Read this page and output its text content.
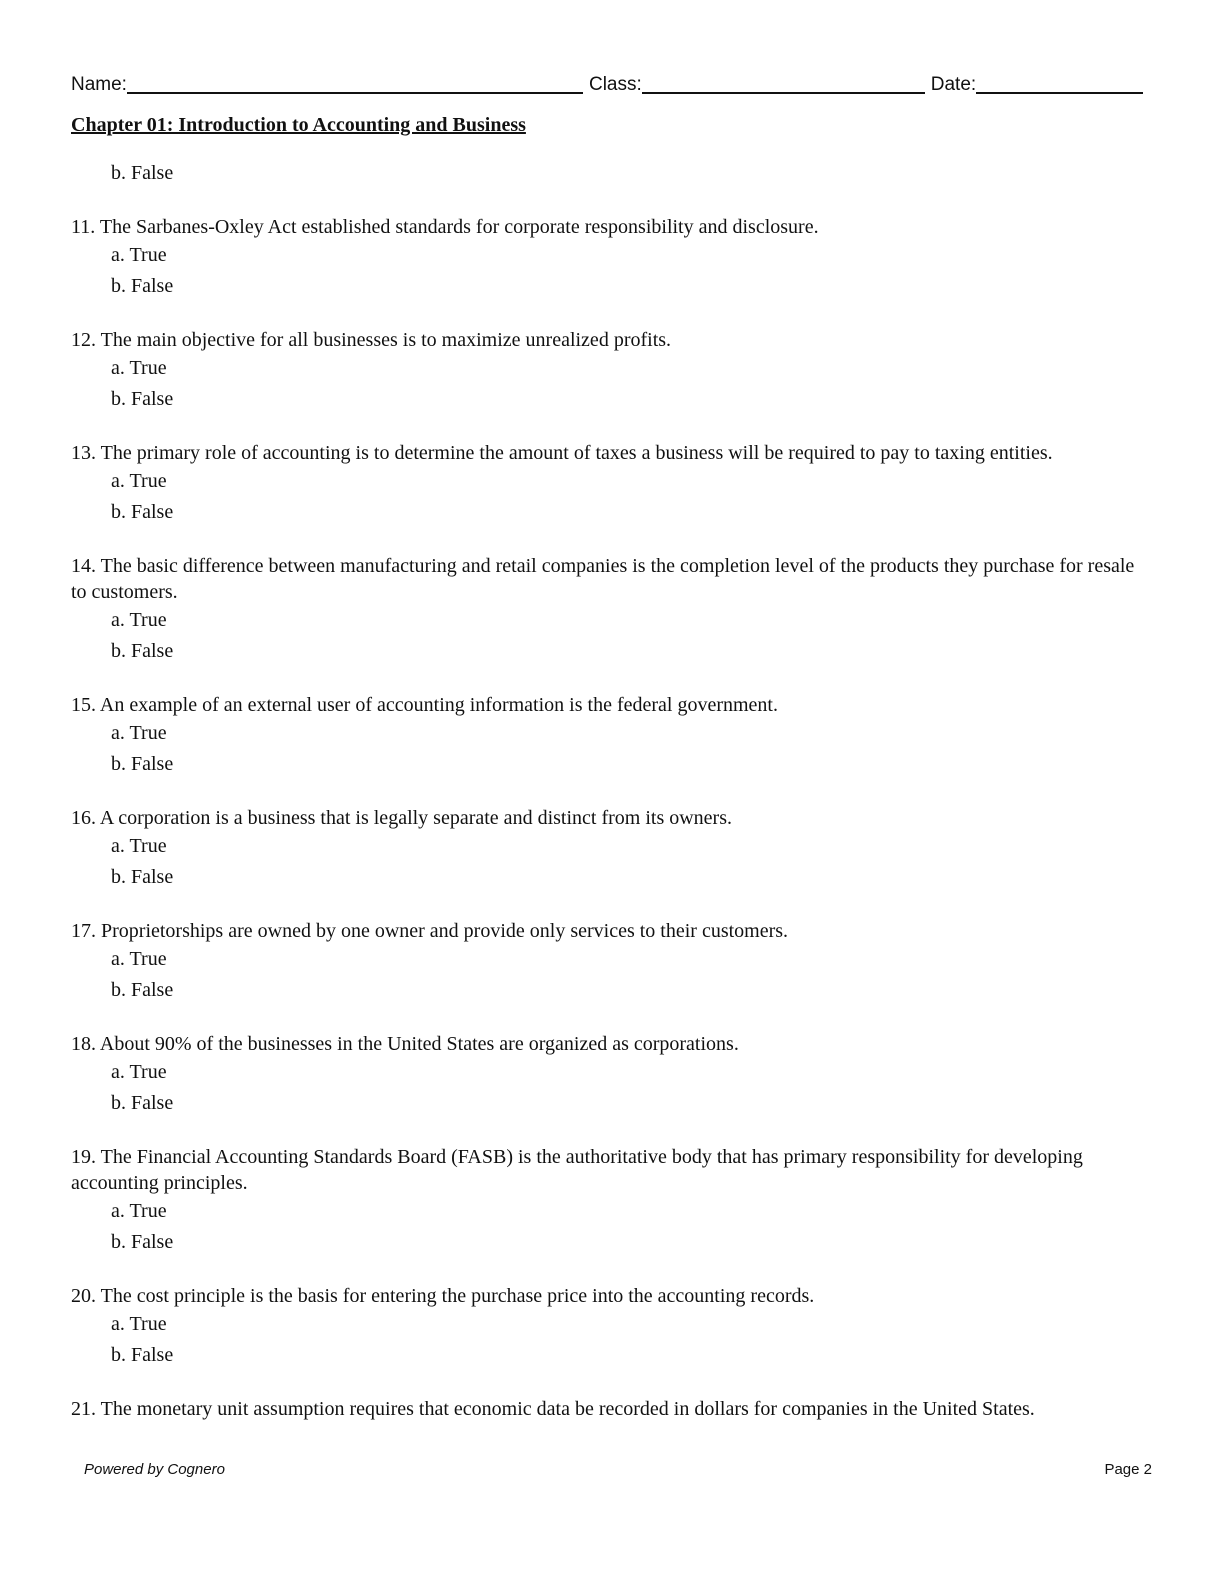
Name:	Class:	Date:
Chapter 01: Introduction to Accounting and Business
b. False

11. The Sarbanes-Oxley Act established standards for corporate responsibility and disclosure.

a. True
b. False

12. The main objective for all businesses is to maximize unrealized profits.

a. True
b. False

13. The primary role of accounting is to determine the amount of taxes a business will be required to pay to taxing entities.

a. True
b. False

14. The basic difference between manufacturing and retail companies is the completion level of the products they purchase for resale to customers.

a. True
b. False

15. An example of an external user of accounting information is the federal government.

a. True
b. False

16. A corporation is a business that is legally separate and distinct from its owners.

a. True
b. False

17. Proprietorships are owned by one owner and provide only services to their customers.

a. True
b. False

18. About 90% of the businesses in the United States are organized as corporations.

a. True
b. False

19. The Financial Accounting Standards Board (FASB) is the authoritative body that has primary responsibility for developing accounting principles.

a. True
b. False

20. The cost principle is the basis for entering the purchase price into the accounting records.

a. True
b. False

21. The monetary unit assumption requires that economic data be recorded in dollars for companies in the United States.

Powered by Cognero	Page 2
